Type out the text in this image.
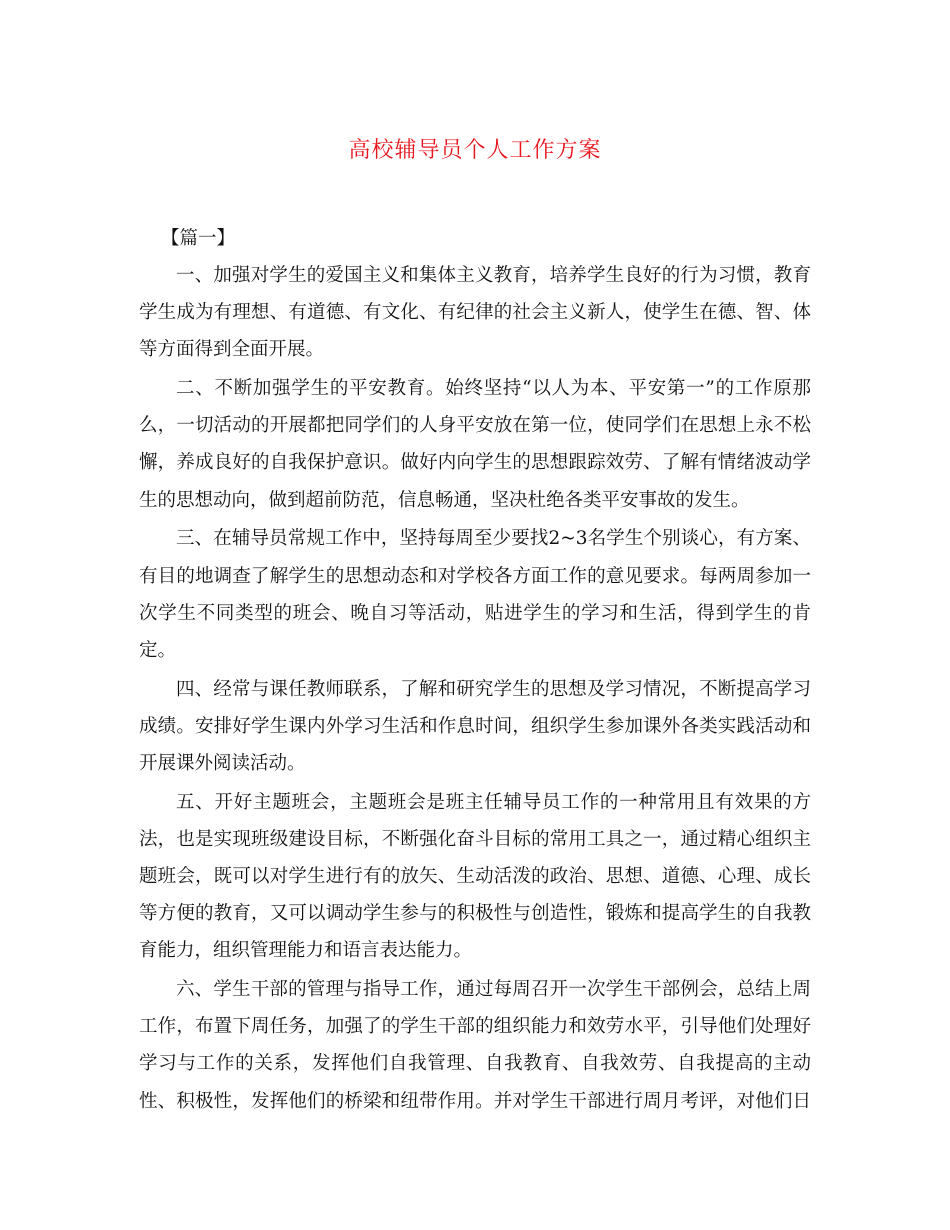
高校辅导员个人工作方案
【篇一】
一、加强对学生的爱国主义和集体主义教育，培养学生良好的行为习惯，教育
学生成为有理想、有道德、有文化、有纪律的社会主义新人，使学生在德、智、体
等方面得到全面开展。
二、不断加强学生的平安教育。始终坚持“以人为本、平安第一”的工作原那
么，一切活动的开展都把同学们的人身平安放在第一位，使同学们在思想上永不松
懈，养成良好的自我保护意识。做好内向学生的思想跟踪效劳、了解有情绪波动学
生的思想动向，做到超前防范，信息畅通，坚决杜绝各类平安事故的发生。
三、在辅导员常规工作中，坚持每周至少要找2~3名学生个别谈心，有方案、
有目的地调查了解学生的思想动态和对学校各方面工作的意见要求。每两周参加一
次学生不同类型的班会、晚自习等活动，贴进学生的学习和生活，得到学生的肯
定。
四、经常与课任教师联系，了解和研究学生的思想及学习情况，不断提高学习
成绩。安排好学生课内外学习生活和作息时间，组织学生参加课外各类实践活动和
开展课外阅读活动。
五、开好主题班会，主题班会是班主任辅导员工作的一种常用且有效果的方
法，也是实现班级建设目标，不断强化奋斗目标的常用工具之一，通过精心组织主
题班会，既可以对学生进行有的放矢、生动活泼的政治、思想、道德、心理、成长
等方便的教育，又可以调动学生参与的积极性与创造性，锻炼和提高学生的自我教
育能力，组织管理能力和语言表达能力。
六、学生干部的管理与指导工作，通过每周召开一次学生干部例会，总结上周
工作，布置下周任务，加强了的学生干部的组织能力和效劳水平，引导他们处理好
学习与工作的关系，发挥他们自我管理、自我教育、自我效劳、自我提高的主动
性、积极性，发挥他们的桥梁和纽带作用。并对学生干部进行周月考评，对他们日
